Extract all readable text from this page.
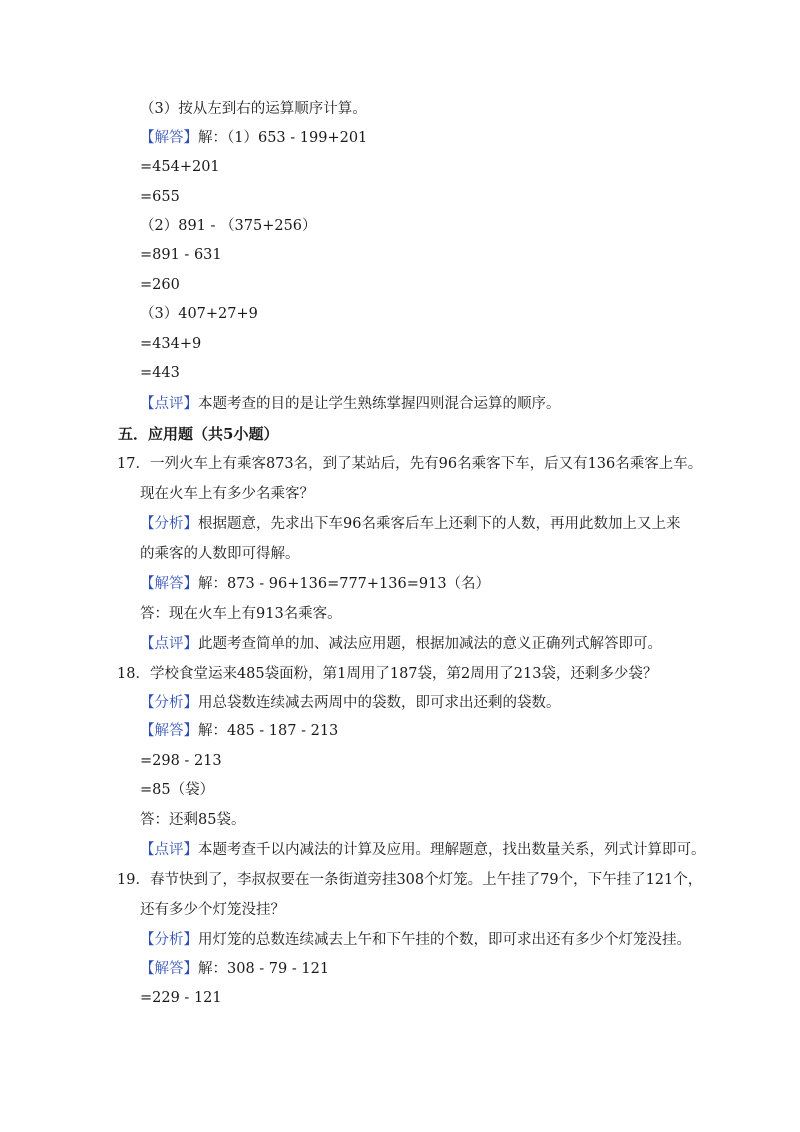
（3）按从左到右的运算顺序计算。
【解答】解：（1）653 - 199+201
=454+201
=655
（2）891 - （375+256）
=891 - 631
=260
（3）407+27+9
=434+9
=443
【点评】本题考查的目的是让学生熟练掌握四则混合运算的顺序。
五．应用题（共5小题）
17．一列火车上有乘客873名，到了某站后，先有96名乘客下车，后又有136名乘客上车。
现在火车上有多少名乘客？
【分析】根据题意，先求出下车96名乘客后车上还剩下的人数，再用此数加上又上来
的乘客的人数即可得解。
【解答】解：873 - 96+136=777+136=913（名）
答：现在火车上有913名乘客。
【点评】此题考查简单的加、减法应用题，根据加减法的意义正确列式解答即可。
18．学校食堂运来485袋面粉，第1周用了187袋，第2周用了213袋，还剩多少袋？
【分析】用总袋数连续减去两周中的袋数，即可求出还剩的袋数。
【解答】解：485 - 187 - 213
=298 - 213
=85（袋）
答：还剩85袋。
【点评】本题考查千以内减法的计算及应用。理解题意，找出数量关系，列式计算即可。
19．春节快到了，李叔叔要在一条街道旁挂308个灯笼。上午挂了79个，下午挂了121个，
还有多少个灯笼没挂？
【分析】用灯笼的总数连续减去上午和下午挂的个数，即可求出还有多少个灯笼没挂。
【解答】解：308 - 79 - 121
=229 - 121
